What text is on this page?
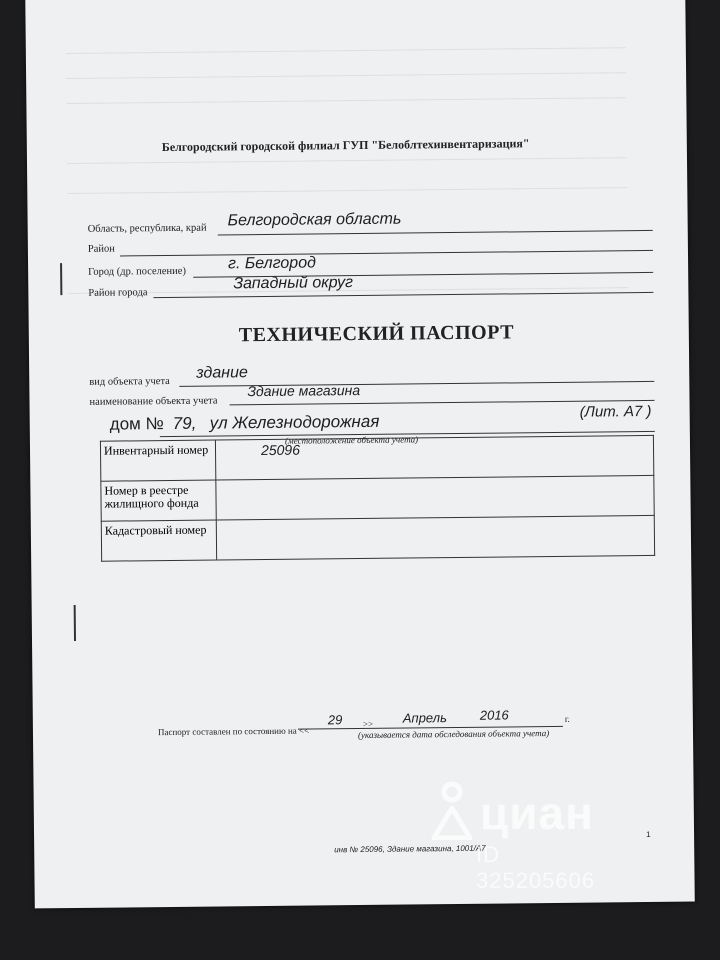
Белгородский городской филиал ГУП "Белоблтехинвентаризация"
Область, республика, край Белгородская область
Район
Город (др. поселение)	г. Белгород
Район города
Западный округ
ТЕХНИЧЕСКИЙ ПАСПОРТ
вид объекта учета
здание
наименование объекта учета
Здание магазина
дом № 79, ул Железнодорожная	(Лит. А7 )
(местоположение объекта учета)
Инвентарный номер	25096

Номер в реестре жилищного фонда	

Кадастровый номер	
Паспорт составлен по состоянию на <<
29 >> Апрель	2016	г.
(указывается дата обследования объекта учета)
инв № 25096, Здание магазина, 1001/А7
1
циан
ID 325205606
